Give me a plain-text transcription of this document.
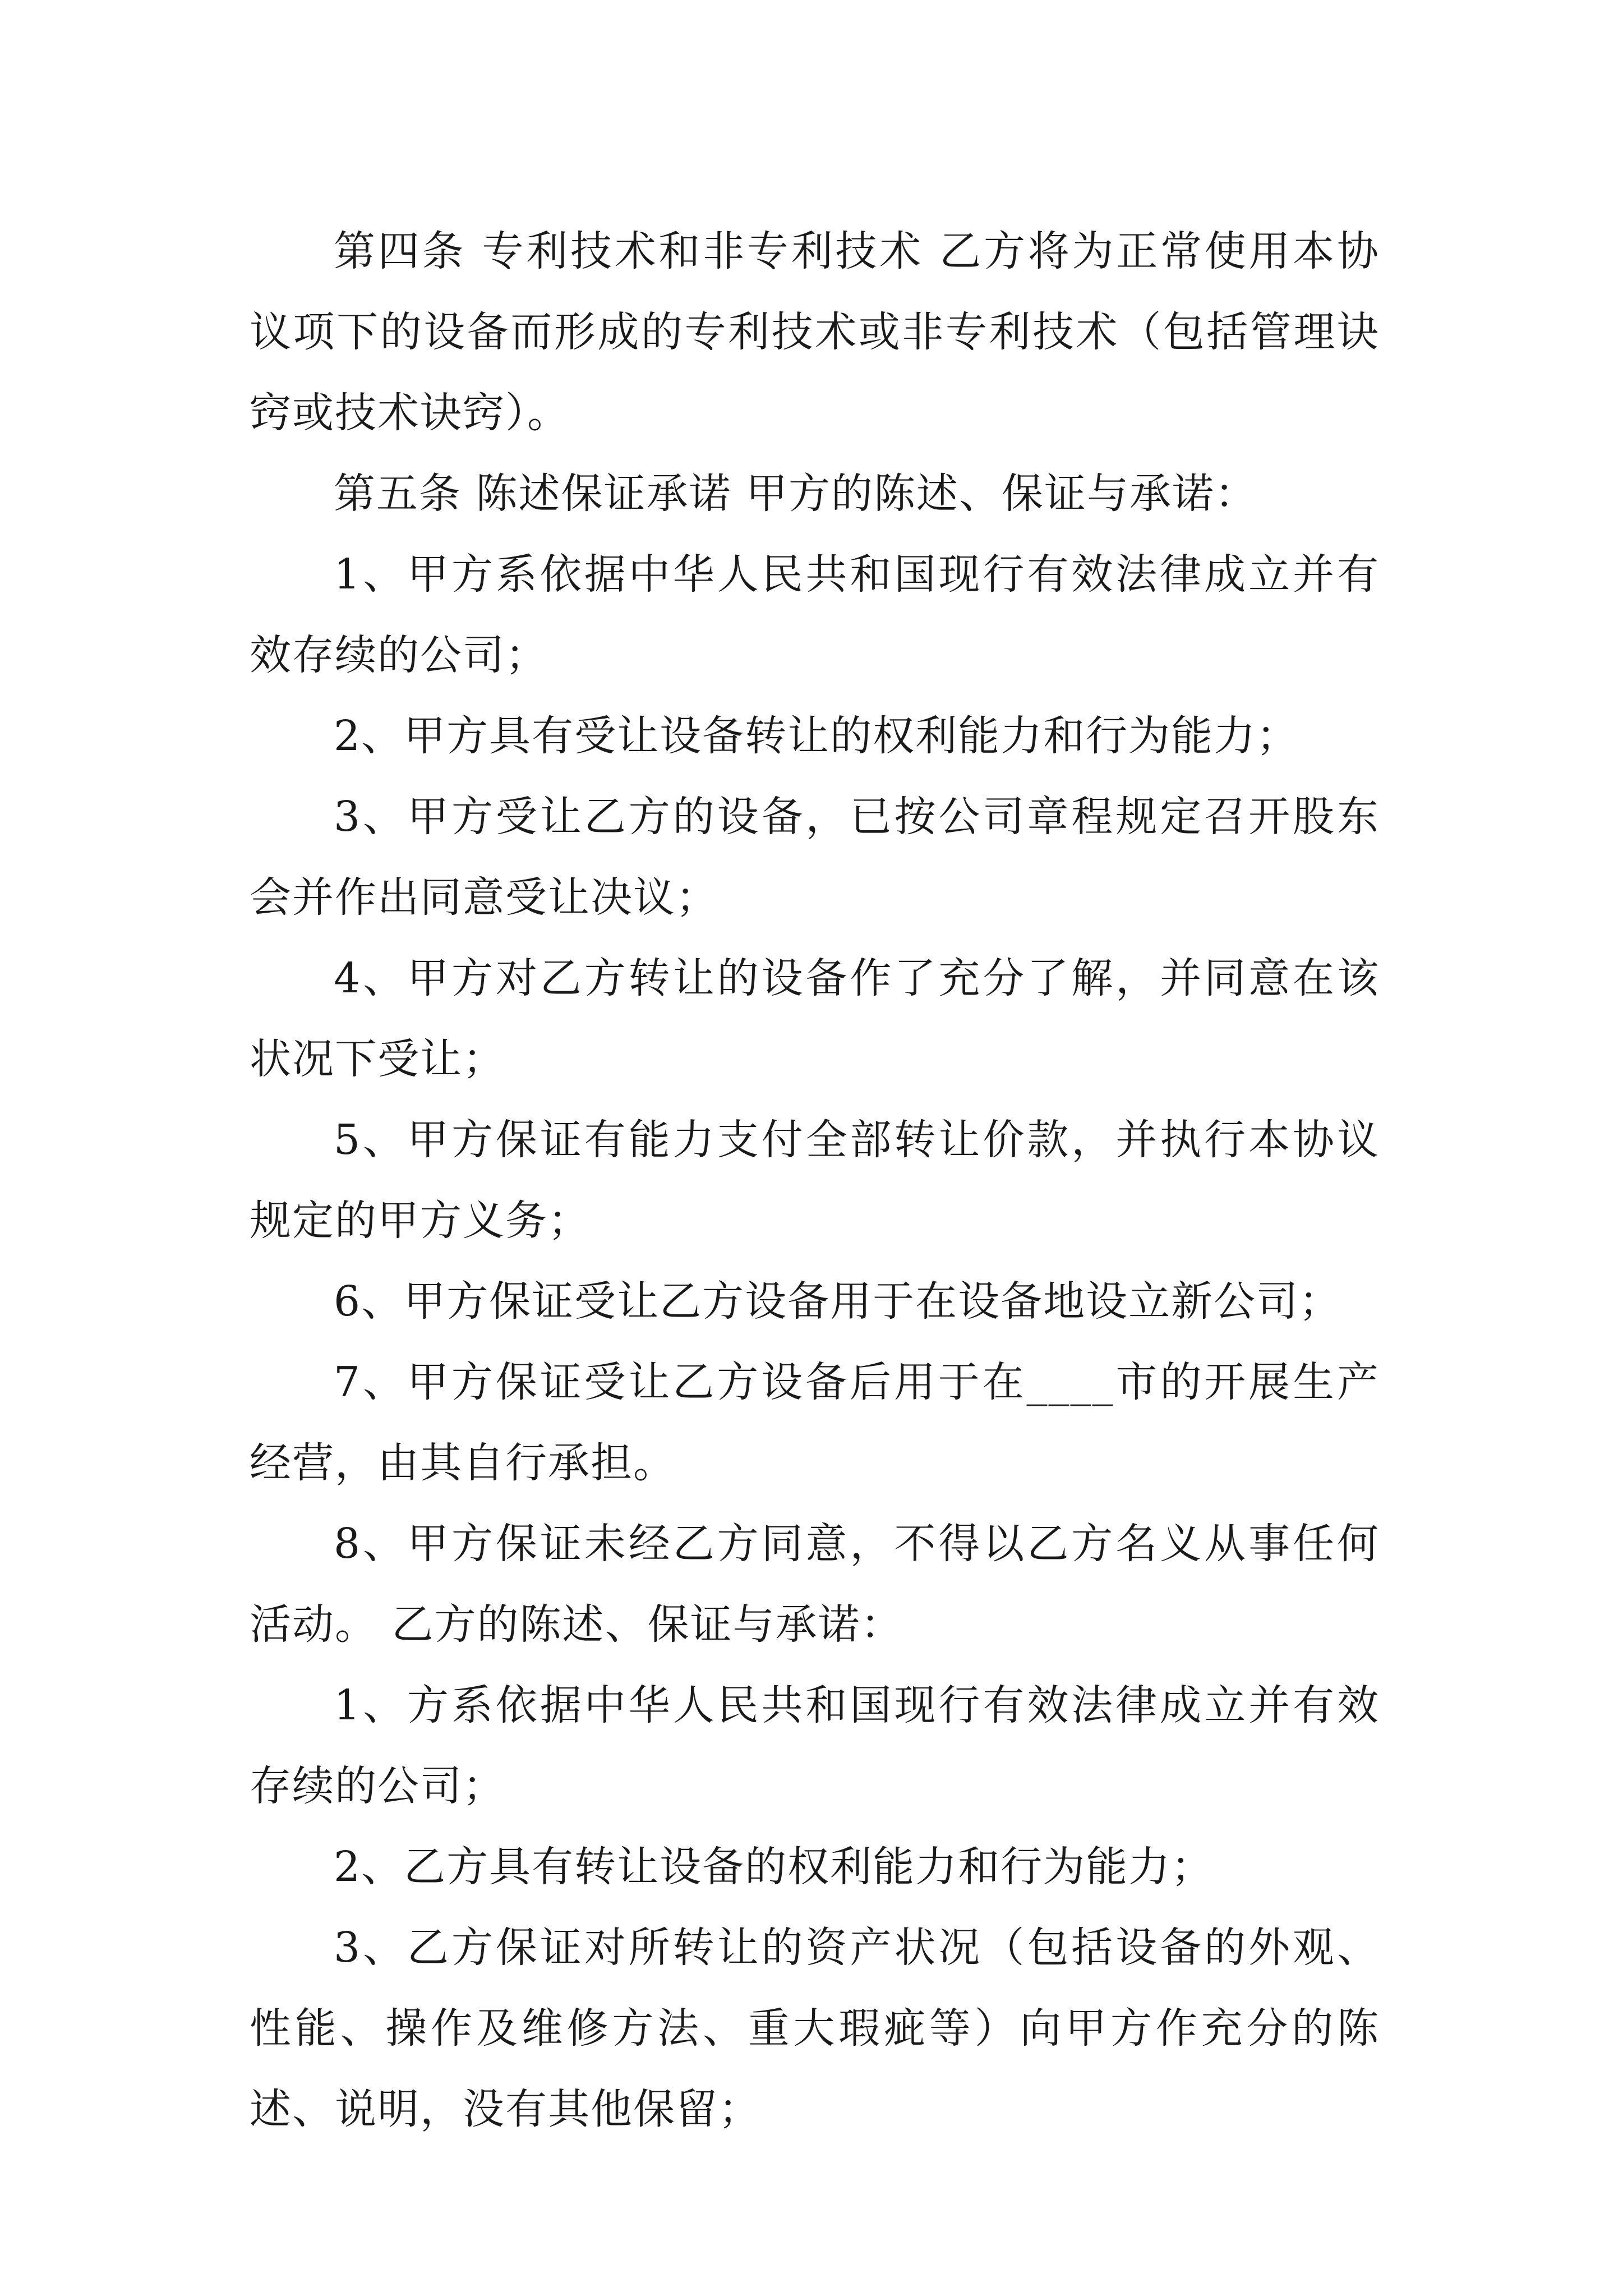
第四条 专利技术和非专利技术 乙方将为正常使用本协议项下的设备而形成的专利技术或非专利技术（包括管理诀窍或技术诀窍）。

第五条 陈述保证承诺 甲方的陈述、保证与承诺：

1、甲方系依据中华人民共和国现行有效法律成立并有效存续的公司；

2、甲方具有受让设备转让的权利能力和行为能力；

3、甲方受让乙方的设备，已按公司章程规定召开股东会并作出同意受让决议；

4、甲方对乙方转让的设备作了充分了解，并同意在该状况下受让；

5、甲方保证有能力支付全部转让价款，并执行本协议规定的甲方义务；

6、甲方保证受让乙方设备用于在设备地设立新公司；

7、甲方保证受让乙方设备后用于在____市的开展生产经营，由其自行承担。

8、甲方保证未经乙方同意，不得以乙方名义从事任何活动。 乙方的陈述、保证与承诺：

1、方系依据中华人民共和国现行有效法律成立并有效存续的公司；

2、乙方具有转让设备的权利能力和行为能力；

3、乙方保证对所转让的资产状况（包括设备的外观、性能、操作及维修方法、重大瑕疵等）向甲方作充分的陈述、说明，没有其他保留；
